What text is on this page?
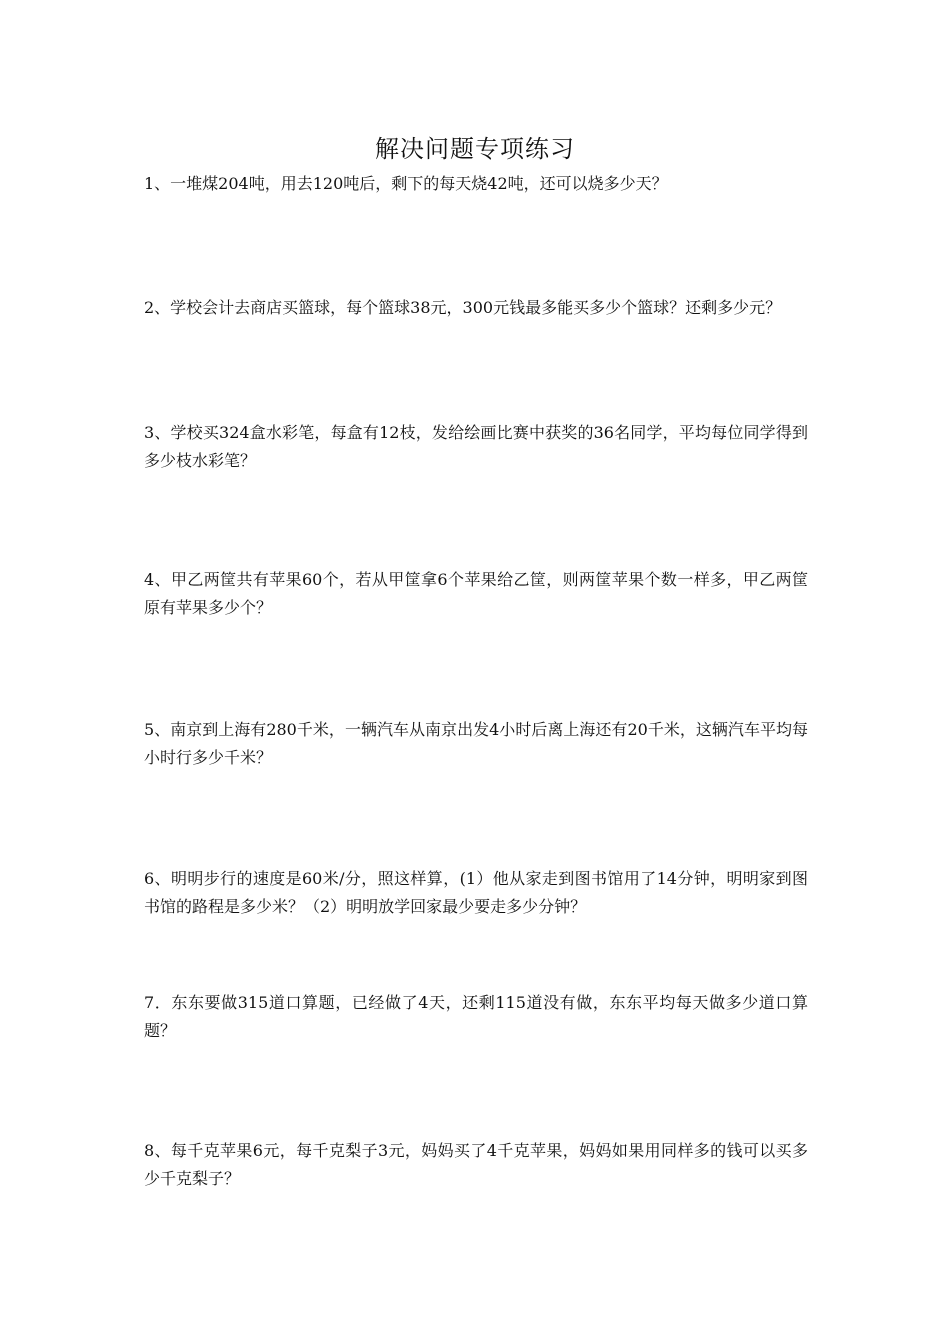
解决问题专项练习
1、一堆煤204吨，用去120吨后，剩下的每天烧42吨，还可以烧多少天？
2、学校会计去商店买篮球，每个篮球38元，300元钱最多能买多少个篮球？还剩多少元？
3、学校买324盒水彩笔，每盒有12枝，发给绘画比赛中获奖的36名同学，平均每位同学得到多少枝水彩笔？
4、甲乙两筐共有苹果60个，若从甲筐拿6个苹果给乙筐，则两筐苹果个数一样多，甲乙两筐原有苹果多少个？
5、南京到上海有280千米，一辆汽车从南京出发4小时后离上海还有20千米，这辆汽车平均每小时行多少千米？
6、明明步行的速度是60米/分，照这样算，(1）他从家走到图书馆用了14分钟，明明家到图书馆的路程是多少米？（2）明明放学回家最少要走多少分钟？
7．东东要做315道口算题，已经做了4天，还剩115道没有做，东东平均每天做多少道口算题？
8、每千克苹果6元，每千克梨子3元，妈妈买了4千克苹果，妈妈如果用同样多的钱可以买多少千克梨子？
